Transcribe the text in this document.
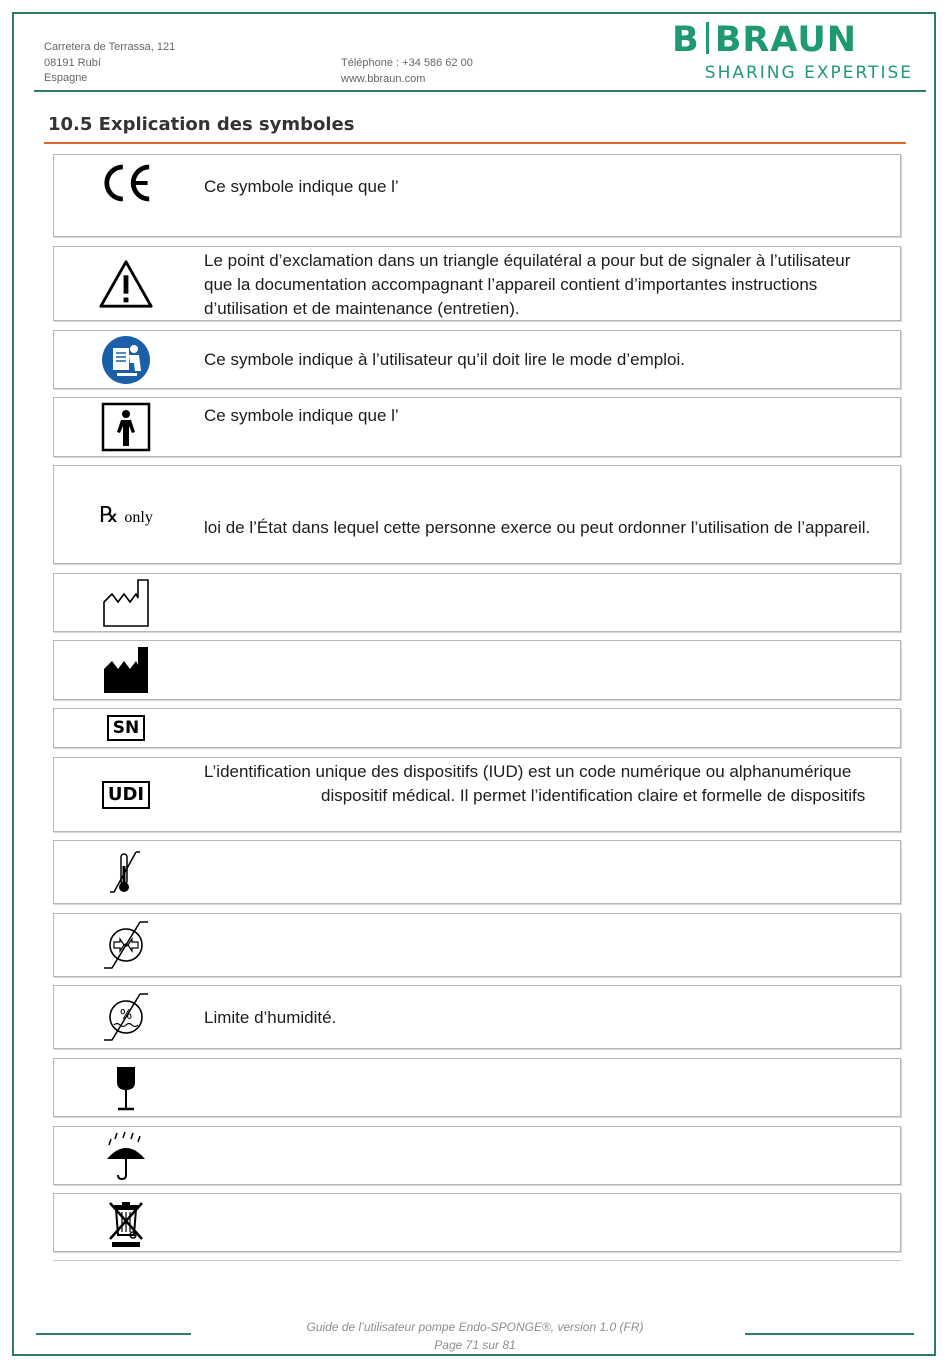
Carretera de Terrassa, 121
08191 Rubí
Espagne
Téléphone : +34 586 62 00
www.bbraun.com
B BRAUN
SHARING EXPERTISE
10.5 Explication des symboles
Ce symbole indique que l’
Le point d’exclamation dans un triangle équilatéral a pour but de signaler à l’utilisateur
que la documentation accompagnant l’appareil contient d’importantes instructions
d’utilisation et de maintenance (entretien).
Ce symbole indique à l’utilisateur qu’il doit lire le mode d’emploi.
Ce symbole indique que l’
℞ only
loi de l’État dans lequel cette personne exerce ou peut ordonner l’utilisation de l’appareil.
SN
UDI
L’identification unique des dispositifs (IUD) est un code numérique ou alphanumérique
dispositif médical. Il permet l’identification claire et formelle de dispositifs
%	Limite d’humidité.
Guide de l’utilisateur pompe Endo-SPONGE®, version 1.0 (FR)
Page 71 sur 81
